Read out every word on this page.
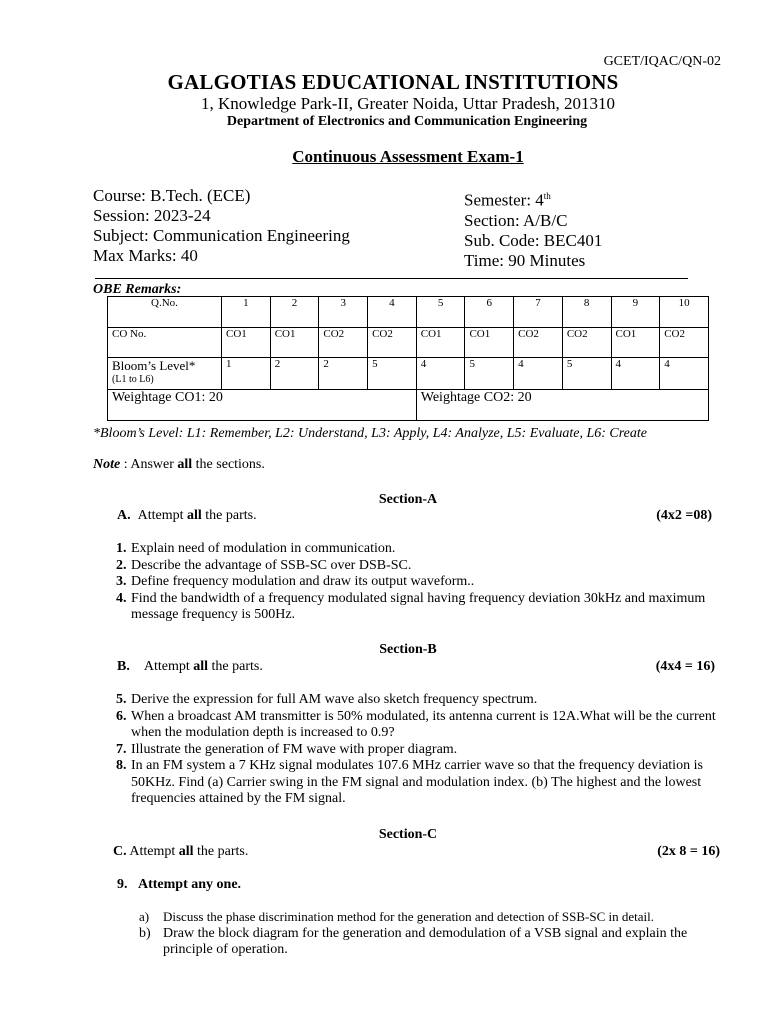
GCET/IQAC/QN-02
GALGOTIAS EDUCATIONAL INSTITUTIONS
1, Knowledge Park-II, Greater Noida, Uttar Pradesh, 201310
Department of Electronics and Communication Engineering
Continuous Assessment Exam-1
Course: B.Tech. (ECE)
Session: 2023-24
Subject: Communication Engineering
Max Marks: 40
Semester: 4th
Section: A/B/C
Sub. Code: BEC401
Time: 90 Minutes
OBE Remarks:
Q.No.	1	2	3	4	5	6	7	8	9	10
CO No.	CO1	CO1	CO2	CO2	CO1	CO1	CO2	CO2	CO1	CO2
Bloom’s Level*
(L1 to L6)	1	2	2	5	4	5	4	5	4	4
Weightage CO1: 20					Weightage CO2: 20					
*Bloom’s Level: L1: Remember, L2: Understand, L3: Apply, L4: Analyze, L5: Evaluate, L6: Create
Note : Answer all the sections.
Section-A
A. Attempt all the parts.	(4x2 =08)
1. Explain need of modulation in communication.
2. Describe the advantage of SSB-SC over DSB-SC.
3. Define frequency modulation and draw its output waveform..
4. Find the bandwidth of a frequency modulated signal having frequency deviation 30kHz and maximum message frequency is 500Hz.
Section-B
B. Attempt all the parts.	(4x4 = 16)
5. Derive the expression for full AM wave also sketch frequency spectrum.
6. When a broadcast AM transmitter is 50% modulated, its antenna current is 12A.What will be the current when the modulation depth is increased to 0.9?
7. Illustrate the generation of FM wave with proper diagram.
8. In an FM system a 7 KHz signal modulates 107.6 MHz carrier wave so that the frequency deviation is 50KHz. Find (a) Carrier swing in the FM signal and modulation index. (b) The highest and the lowest frequencies attained by the FM signal.
Section-C
C. Attempt all the parts.	(2x 8 = 16)
9. Attempt any one.
a) Discuss the phase discrimination method for the generation and detection of SSB-SC in detail.
b) Draw the block diagram for the generation and demodulation of a VSB signal and explain the principle of operation.
